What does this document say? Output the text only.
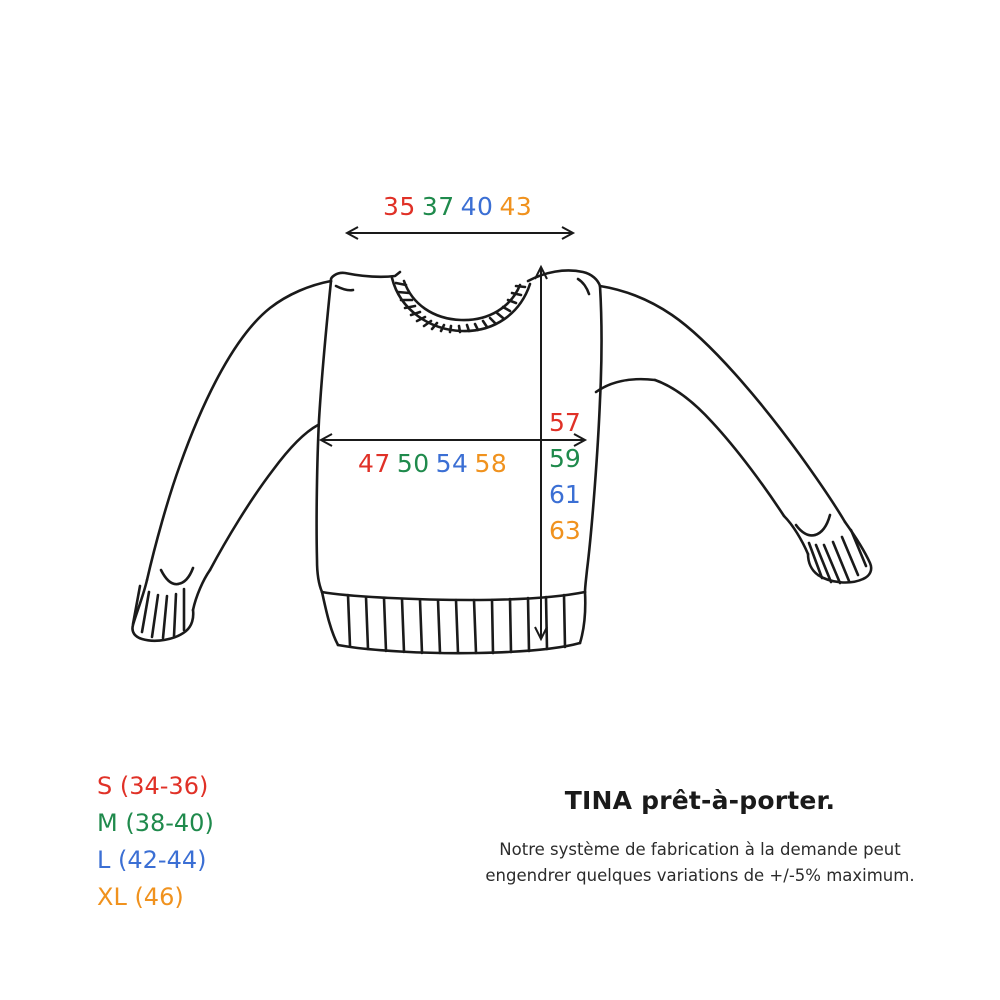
35 37 40 43
47 50 54 58
57
59
61
63
S (34-36)
M (38-40)
L (42-44)
XL (46)
TINA prêt-à-porter.
Notre système de fabrication à la demande peut engendrer quelques variations de +/-5% maximum.
